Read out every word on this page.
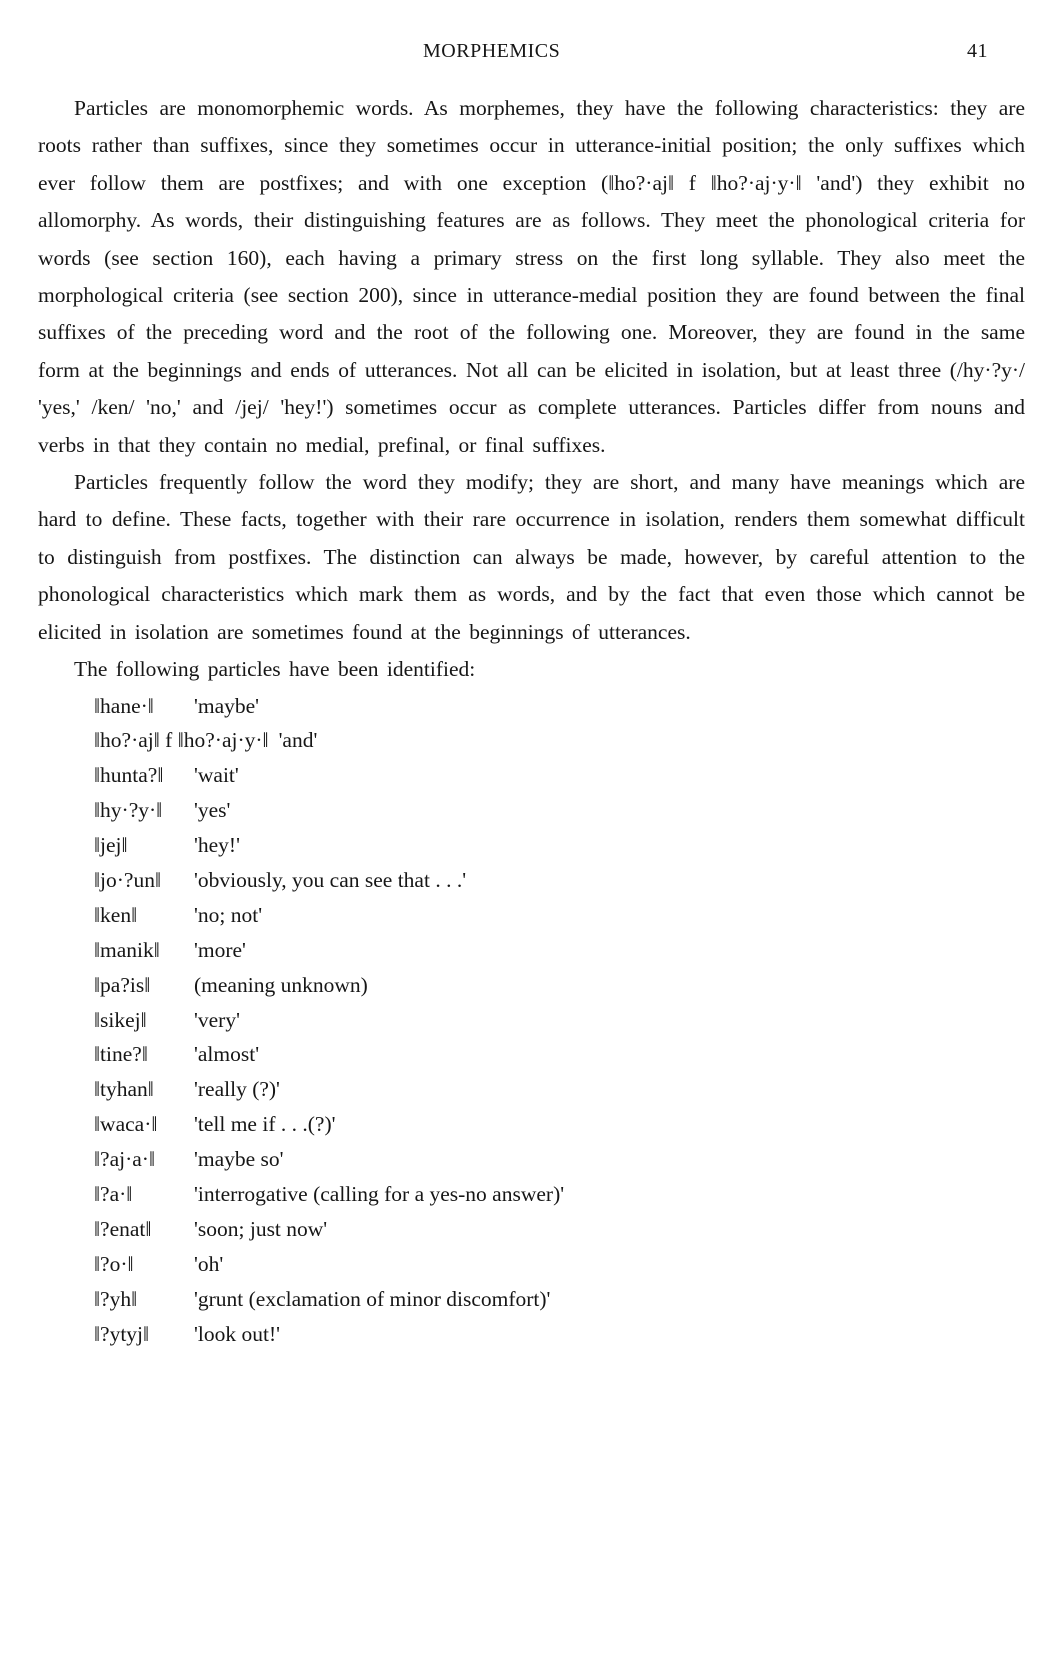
MORPHEMICS	41

Particles are monomorphemic words. As morphemes, they have the following characteristics: they are roots rather than suffixes, since they sometimes occur in utterance-initial position; the only suffixes which ever follow them are postfixes; and with one exception (‖ho?·aj‖ f ‖ho?·aj·y·‖ 'and') they exhibit no allomorphy. As words, their distinguishing features are as follows. They meet the phonological criteria for words (see section 160), each having a primary stress on the first long syllable. They also meet the morphological criteria (see section 200), since in utterance-medial position they are found between the final suffixes of the preceding word and the root of the following one. Moreover, they are found in the same form at the beginnings and ends of utterances. Not all can be elicited in isolation, but at least three (/hy·?y·/ 'yes,' /ken/ 'no,' and /jej/ 'hey!') sometimes occur as complete utterances. Particles differ from nouns and verbs in that they contain no medial, prefinal, or final suffixes.

Particles frequently follow the word they modify; they are short, and many have meanings which are hard to define. These facts, together with their rare occurrence in isolation, renders them somewhat difficult to distinguish from postfixes. The distinction can always be made, however, by careful attention to the phonological characteristics which mark them as words, and by the fact that even those which cannot be elicited in isolation are sometimes found at the beginnings of utterances.

The following particles have been identified:

‖hane·‖ 'maybe'
‖ho?·aj‖ f ‖ho?·aj·y·‖ 'and'
‖hunta?‖ 'wait'
‖hy·?y·‖ 'yes'
‖jej‖	'hey!'
‖jo·?un‖ 'obviously, you can see that . . .'
‖ken‖	'no; not'
‖manik‖ 'more'
‖pa?is‖ (meaning unknown)
‖sikej‖ 'very'
‖tine?‖ 'almost'
‖tyhan‖ 'really (?)'
‖waca·‖ 'tell me if . . .(?)'
‖?aj·a·‖ 'maybe so'
‖?a·‖	'interrogative (calling for a yes-no answer)'
‖?enat‖ 'soon; just now'
‖?o·‖	'oh'
‖?yh‖	'grunt (exclamation of minor discomfort)'
‖?ytyj‖ 'look out!'
